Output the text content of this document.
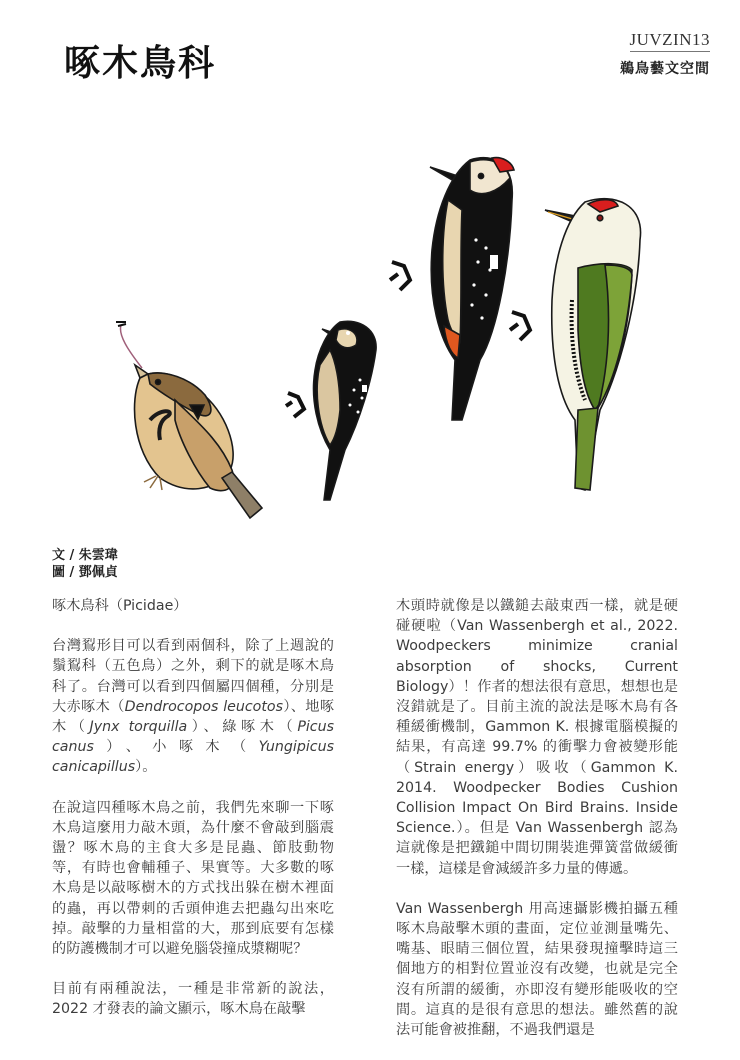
啄木鳥科
JUVZIN13
鵜鳥藝文空間
文 / 朱雲瑋
圖 / 鄧佩貞

啄木鳥科（Picidae）

台灣鴷形目可以看到兩個科，除了上週說的鬚鴷科（五色鳥）之外，剩下的就是啄木鳥科了。台灣可以看到四個屬四個種，分別是大赤啄木（Dendrocopos leucotos）、地啄木（Jynx torquilla）、綠啄木（Picus canus）、小啄木（Yungipicus canicapillus）。

在說這四種啄木鳥之前，我們先來聊一下啄木鳥這麼用力敲木頭，為什麼不會敲到腦震盪？啄木鳥的主食大多是昆蟲、節肢動物等，有時也會輔種子、果實等。大多數的啄木鳥是以敲啄樹木的方式找出躲在樹木裡面的蟲，再以帶刺的舌頭伸進去把蟲勾出來吃掉。敲擊的力量相當的大，那到底要有怎樣的防護機制才可以避免腦袋撞成漿糊呢？

目前有兩種說法，一種是非常新的說法，2022 才發表的論文顯示，啄木鳥在敲擊

木頭時就像是以鐵鎚去敲東西一樣，就是硬碰硬啦（Van Wassenbergh et al., 2022. Woodpeckers minimize cranial absorption of shocks, Current Biology）！作者的想法很有意思，想想也是沒錯就是了。目前主流的說法是啄木鳥有各種緩衝機制，Gammon K. 根據電腦模擬的結果，有高達 99.7% 的衝擊力會被變形能（Strain energy）吸收（Gammon K. 2014. Woodpecker Bodies Cushion Collision Impact On Bird Brains. Inside Science.）。但是 Van Wassenbergh 認為這就像是把鐵鎚中間切開裝進彈簧當做緩衝一樣，這樣是會減緩許多力量的傳遞。

Van Wassenbergh 用高速攝影機拍攝五種啄木鳥敲擊木頭的畫面，定位並測量嘴先、嘴基、眼睛三個位置，結果發現撞擊時這三個地方的相對位置並沒有改變，也就是完全沒有所謂的緩衝，亦即沒有變形能吸收的空間。這真的是很有意思的想法。雖然舊的說法可能會被推翻，不過我們還是
